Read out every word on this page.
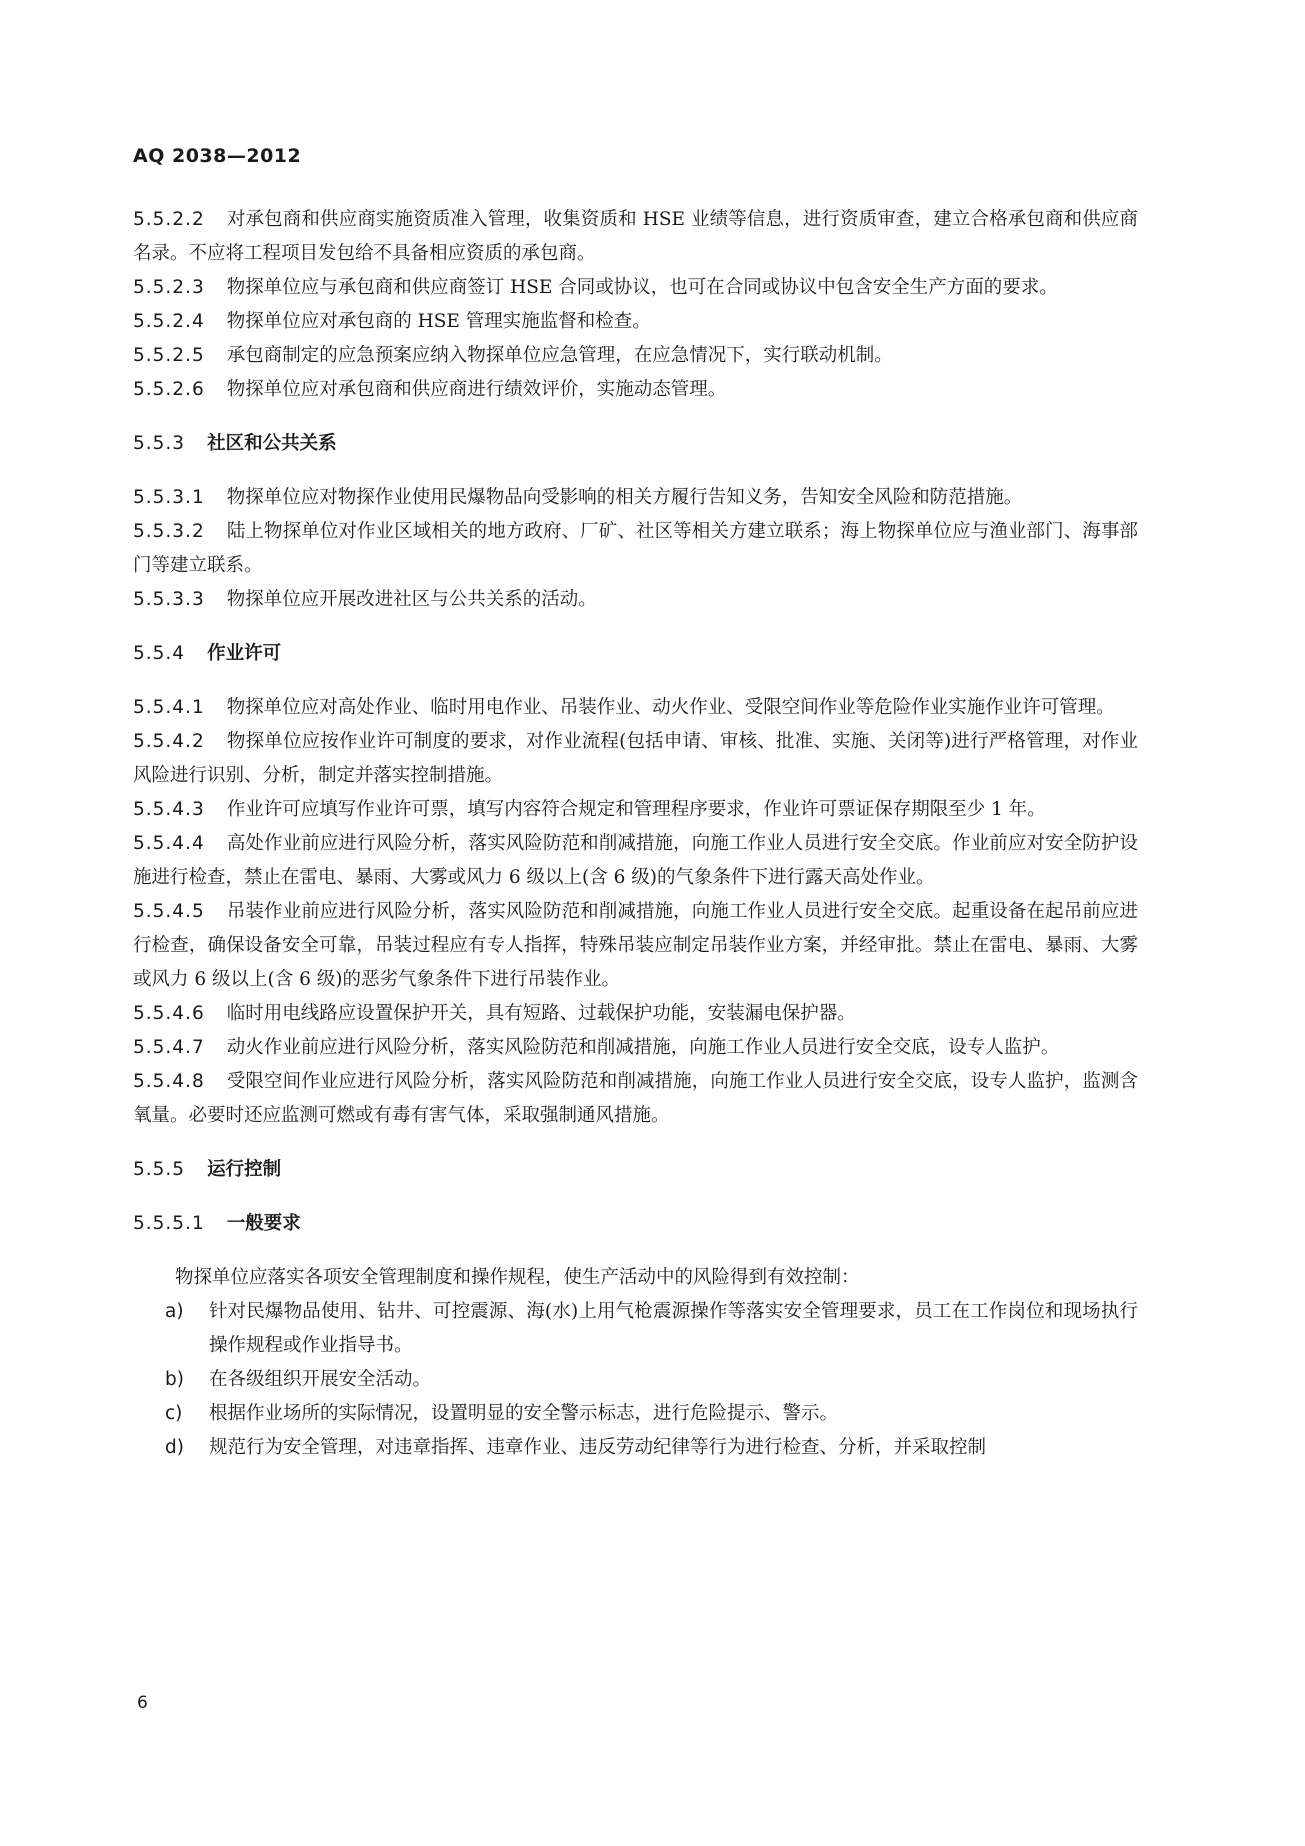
AQ 2038—2012

5.5.2.2 对承包商和供应商实施资质准入管理，收集资质和 HSE 业绩等信息，进行资质审查，建立合格承包商和供应商名录。不应将工程项目发包给不具备相应资质的承包商。

5.5.2.3 物探单位应与承包商和供应商签订 HSE 合同或协议，也可在合同或协议中包含安全生产方面的要求。

5.5.2.4 物探单位应对承包商的 HSE 管理实施监督和检查。

5.5.2.5 承包商制定的应急预案应纳入物探单位应急管理，在应急情况下，实行联动机制。

5.5.2.6 物探单位应对承包商和供应商进行绩效评价，实施动态管理。

5.5.3 社区和公共关系

5.5.3.1 物探单位应对物探作业使用民爆物品向受影响的相关方履行告知义务，告知安全风险和防范措施。

5.5.3.2 陆上物探单位对作业区域相关的地方政府、厂矿、社区等相关方建立联系；海上物探单位应与渔业部门、海事部门等建立联系。

5.5.3.3 物探单位应开展改进社区与公共关系的活动。

5.5.4 作业许可

5.5.4.1 物探单位应对高处作业、临时用电作业、吊装作业、动火作业、受限空间作业等危险作业实施作业许可管理。

5.5.4.2 物探单位应按作业许可制度的要求，对作业流程(包括申请、审核、批准、实施、关闭等)进行严格管理，对作业风险进行识别、分析，制定并落实控制措施。

5.5.4.3 作业许可应填写作业许可票，填写内容符合规定和管理程序要求，作业许可票证保存期限至少 1 年。

5.5.4.4 高处作业前应进行风险分析，落实风险防范和削减措施，向施工作业人员进行安全交底。作业前应对安全防护设施进行检查，禁止在雷电、暴雨、大雾或风力 6 级以上(含 6 级)的气象条件下进行露天高处作业。

5.5.4.5 吊装作业前应进行风险分析，落实风险防范和削减措施，向施工作业人员进行安全交底。起重设备在起吊前应进行检查，确保设备安全可靠，吊装过程应有专人指挥，特殊吊装应制定吊装作业方案，并经审批。禁止在雷电、暴雨、大雾或风力 6 级以上(含 6 级)的恶劣气象条件下进行吊装作业。

5.5.4.6 临时用电线路应设置保护开关，具有短路、过载保护功能，安装漏电保护器。

5.5.4.7 动火作业前应进行风险分析，落实风险防范和削减措施，向施工作业人员进行安全交底，设专人监护。

5.5.4.8 受限空间作业应进行风险分析，落实风险防范和削减措施，向施工作业人员进行安全交底，设专人监护，监测含氧量。必要时还应监测可燃或有毒有害气体，采取强制通风措施。

5.5.5 运行控制

5.5.5.1 一般要求

物探单位应落实各项安全管理制度和操作规程，使生产活动中的风险得到有效控制：

a)	针对民爆物品使用、钻井、可控震源、海(水)上用气枪震源操作等落实安全管理要求，员工在工作岗位和现场执行操作规程或作业指导书。
b)	在各级组织开展安全活动。
c)	根据作业场所的实际情况，设置明显的安全警示标志，进行危险提示、警示。
d)	规范行为安全管理，对违章指挥、违章作业、违反劳动纪律等行为进行检查、分析，并采取控制
6
